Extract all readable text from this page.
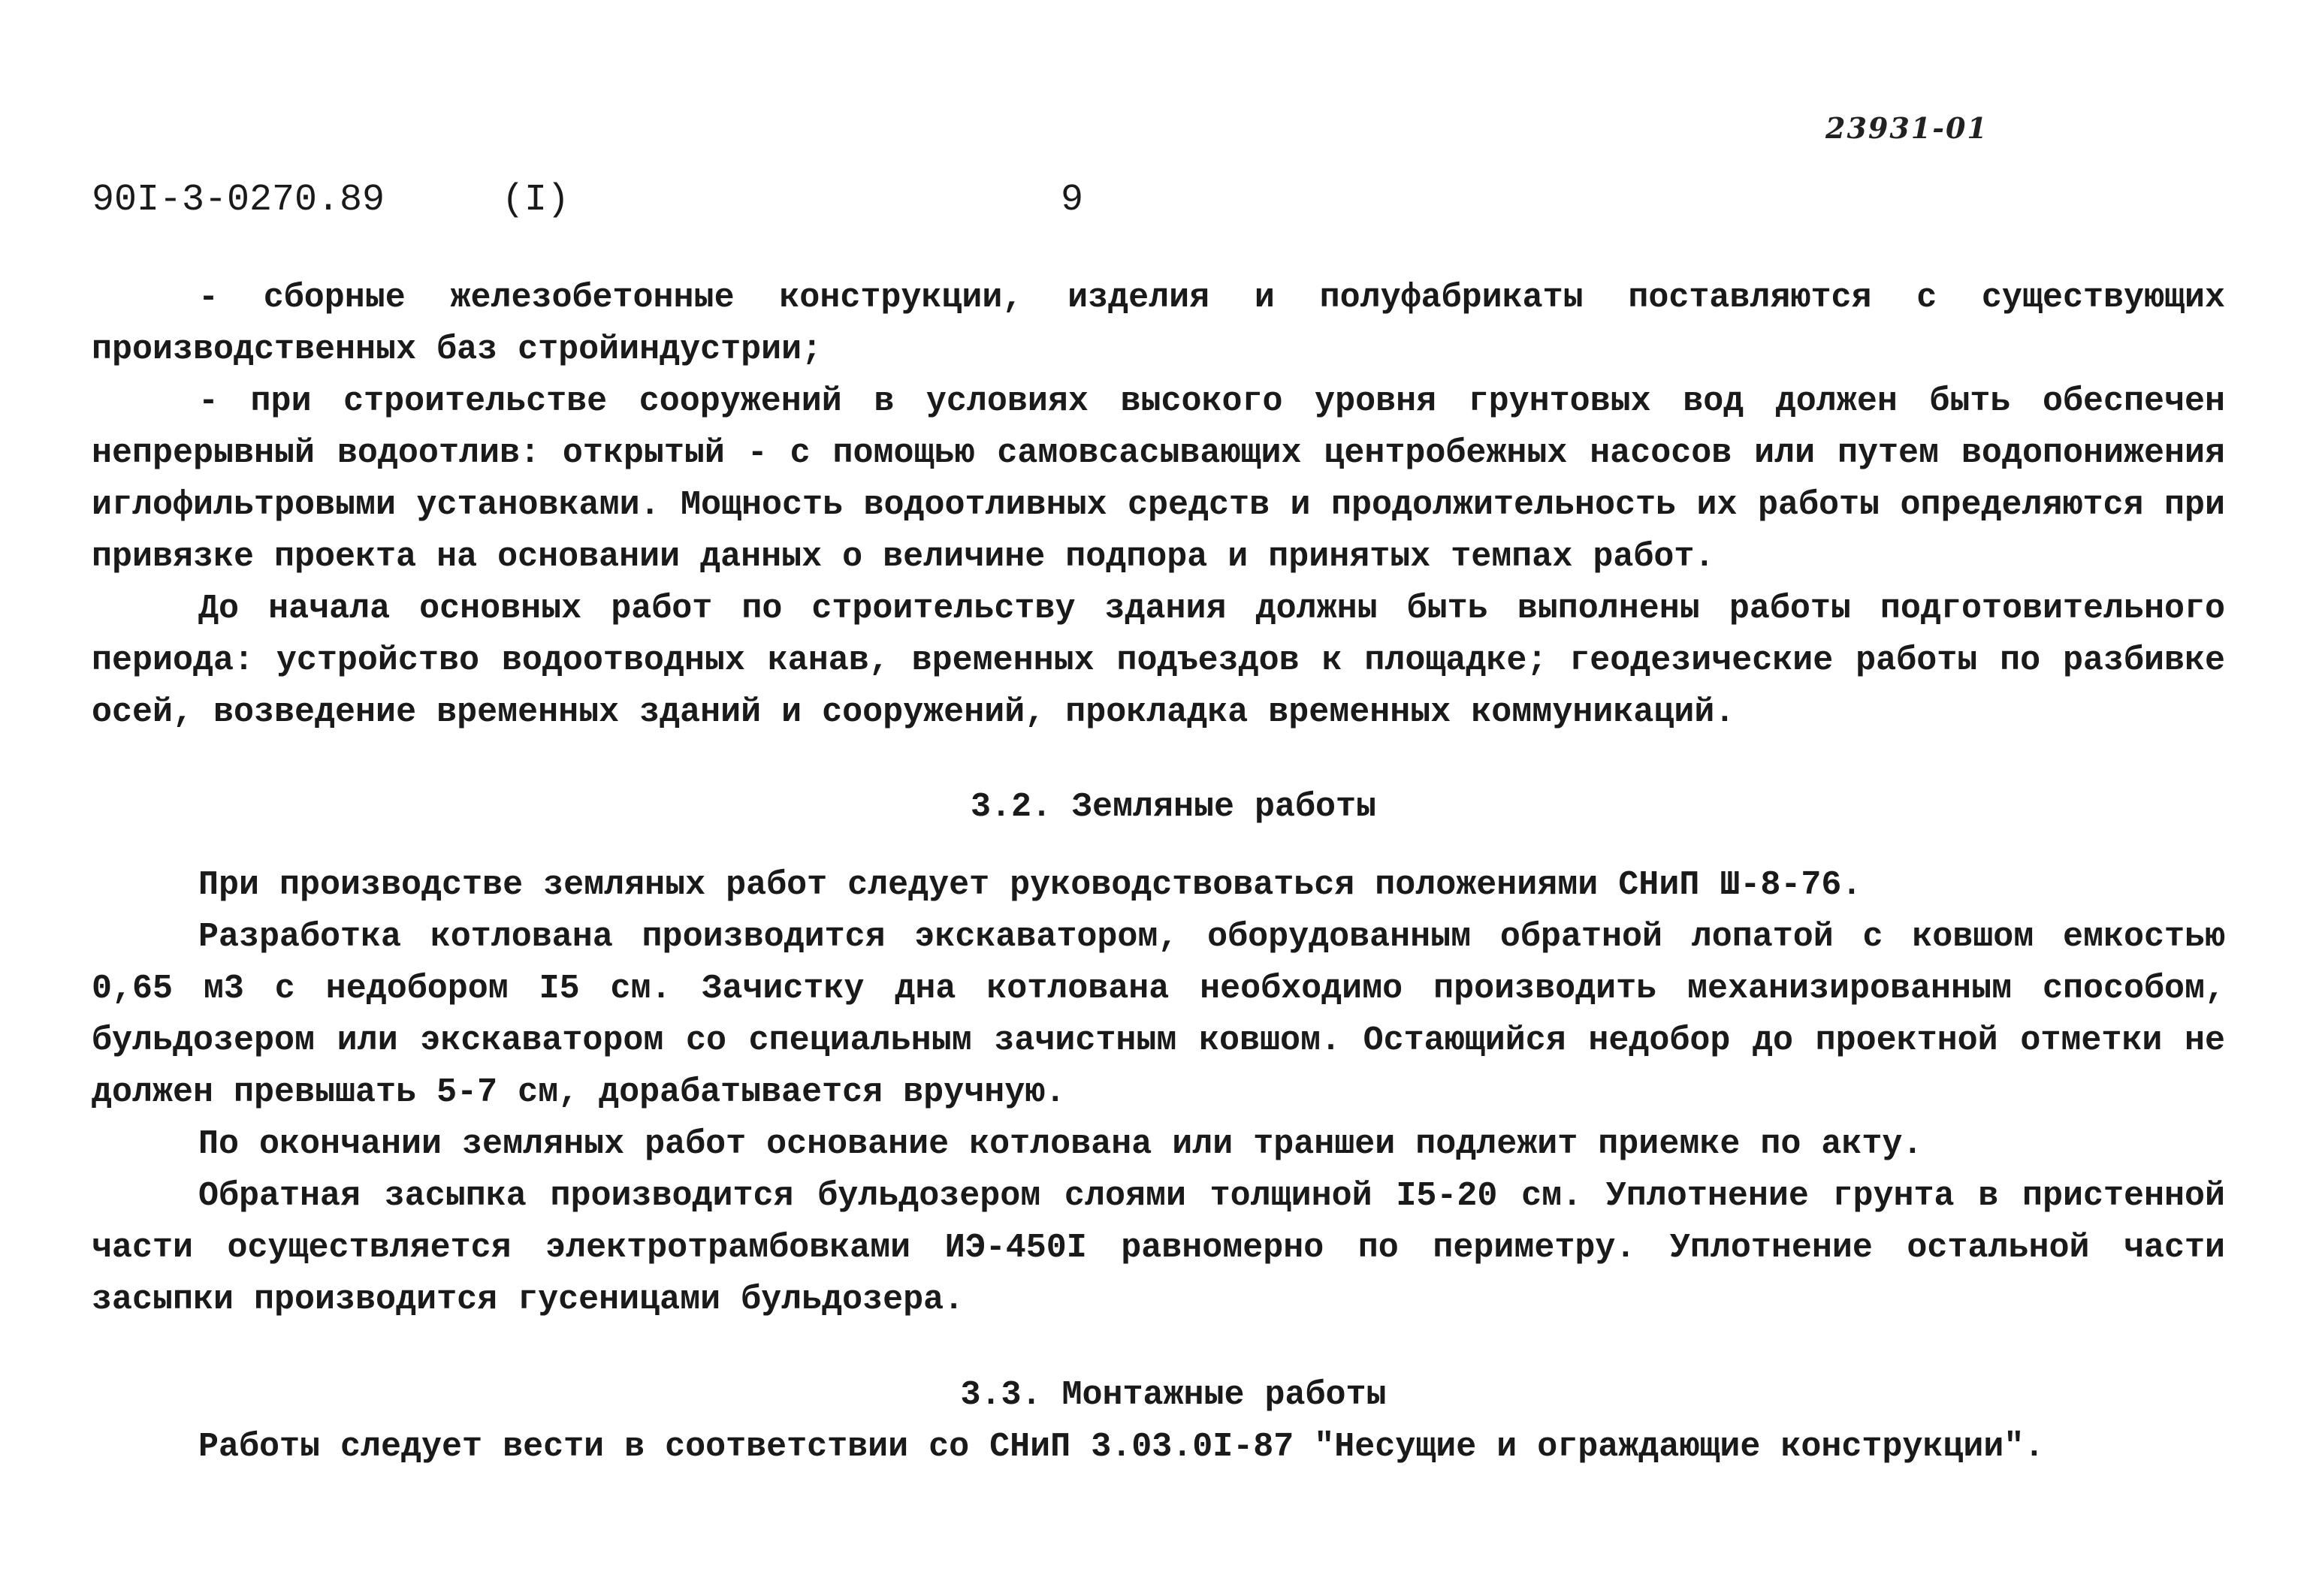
23931-01
90I-3-0270.89	(I)	9

- сборные железобетонные конструкции, изделия и полуфабрикаты поставляются с существующих производственных баз стройиндустрии;

- при строительстве сооружений в условиях высокого уровня грунтовых вод должен быть обеспечен непрерывный водоотлив: открытый - с помощью самовсасывающих центробежных насосов или путем водопонижения иглофильтровыми установками. Мощность водоотливных средств и продолжительность их работы определяются при привязке проекта на основании данных о величине подпора и принятых темпах работ.

До начала основных работ по строительству здания должны быть выполнены работы подготовительного периода: устройство водоотводных канав, временных подъездов к площадке; геодезические работы по разбивке осей, возведение временных зданий и сооружений, прокладка временных коммуникаций.

3.2. Земляные работы

При производстве земляных работ следует руководствоваться положениями СНиП Ш-8-76.

Разработка котлована производится экскаватором, оборудованным обратной лопатой с ковшом емкостью 0,65 м3 с недобором I5 см. Зачистку дна котлована необходимо производить механизированным способом, бульдозером или экскаватором со специальным зачистным ковшом. Остающийся недобор до проектной отметки не должен превышать 5-7 см, дорабатывается вручную.

По окончании земляных работ основание котлована или траншеи подлежит приемке по акту.

Обратная засыпка производится бульдозером слоями толщиной I5-20 см. Уплотнение грунта в пристенной части осуществляется электротрамбовками ИЭ-450I равномерно по периметру. Уплотнение остальной части засыпки производится гусеницами бульдозера.

3.3. Монтажные работы

Работы следует вести в соответствии со СНиП 3.03.0I-87 "Несущие и ограждающие конструкции".
